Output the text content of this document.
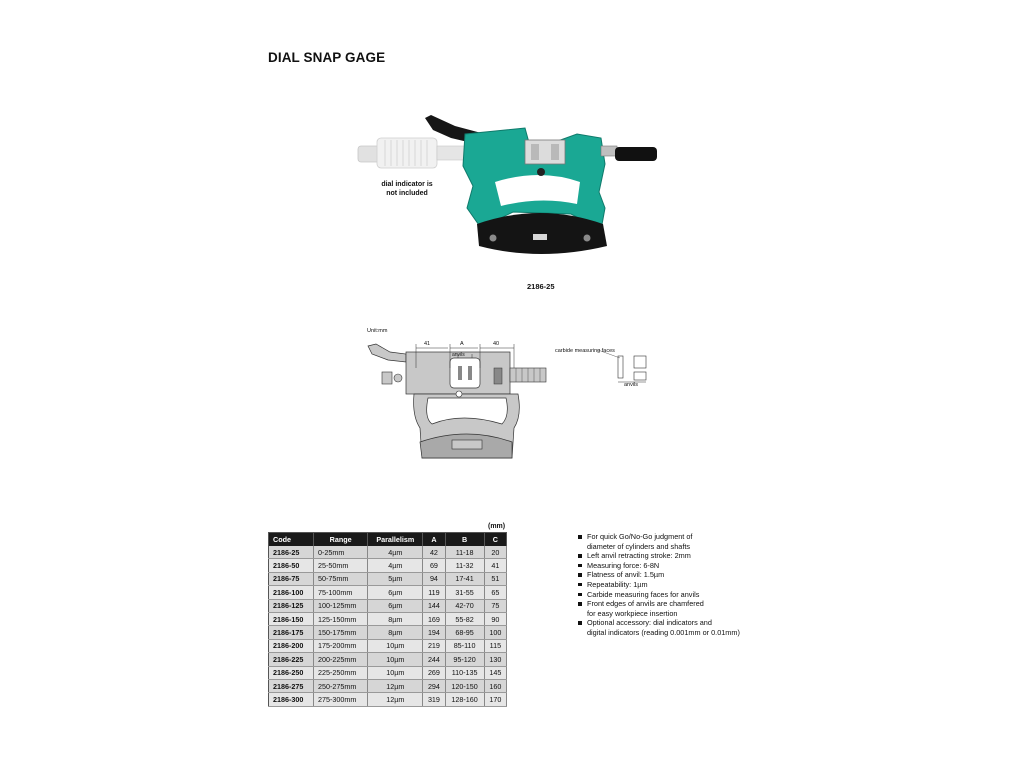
DIAL SNAP GAGE
dial indicator is
not included
2186-25
Unit:mm
41	A	40
anvils
carbide measuring faces
anvils
(mm)
Code	Range	Parallelism	A	B	C
2186-25	0-25mm	4µm	42	11-18	20
2186-50	25-50mm	4µm	69	11-32	41
2186-75	50-75mm	5µm	94	17-41	51
2186-100	75-100mm	6µm	119	31-55	65
2186-125	100-125mm	6µm	144	42-70	75
2186-150	125-150mm	8µm	169	55-82	90
2186-175	150-175mm	8µm	194	68-95	100
2186-200	175-200mm	10µm	219	85-110	115
2186-225	200-225mm	10µm	244	95-120	130
2186-250	225-250mm	10µm	269	110-135	145
2186-275	250-275mm	12µm	294	120-150	160
2186-300	275-300mm	12µm	319	128-160	170
For quick Go/No-Go judgment of
diameter of cylinders and shafts
Left anvil retracting stroke: 2mm
Measuring force: 6-8N
Flatness of anvil: 1.5µm
Repeatability: 1µm
Carbide measuring faces for anvils
Front edges of anvils are chamfered
for easy workpiece insertion
Optional accessory: dial indicators and
digital indicators (reading 0.001mm or 0.01mm)
